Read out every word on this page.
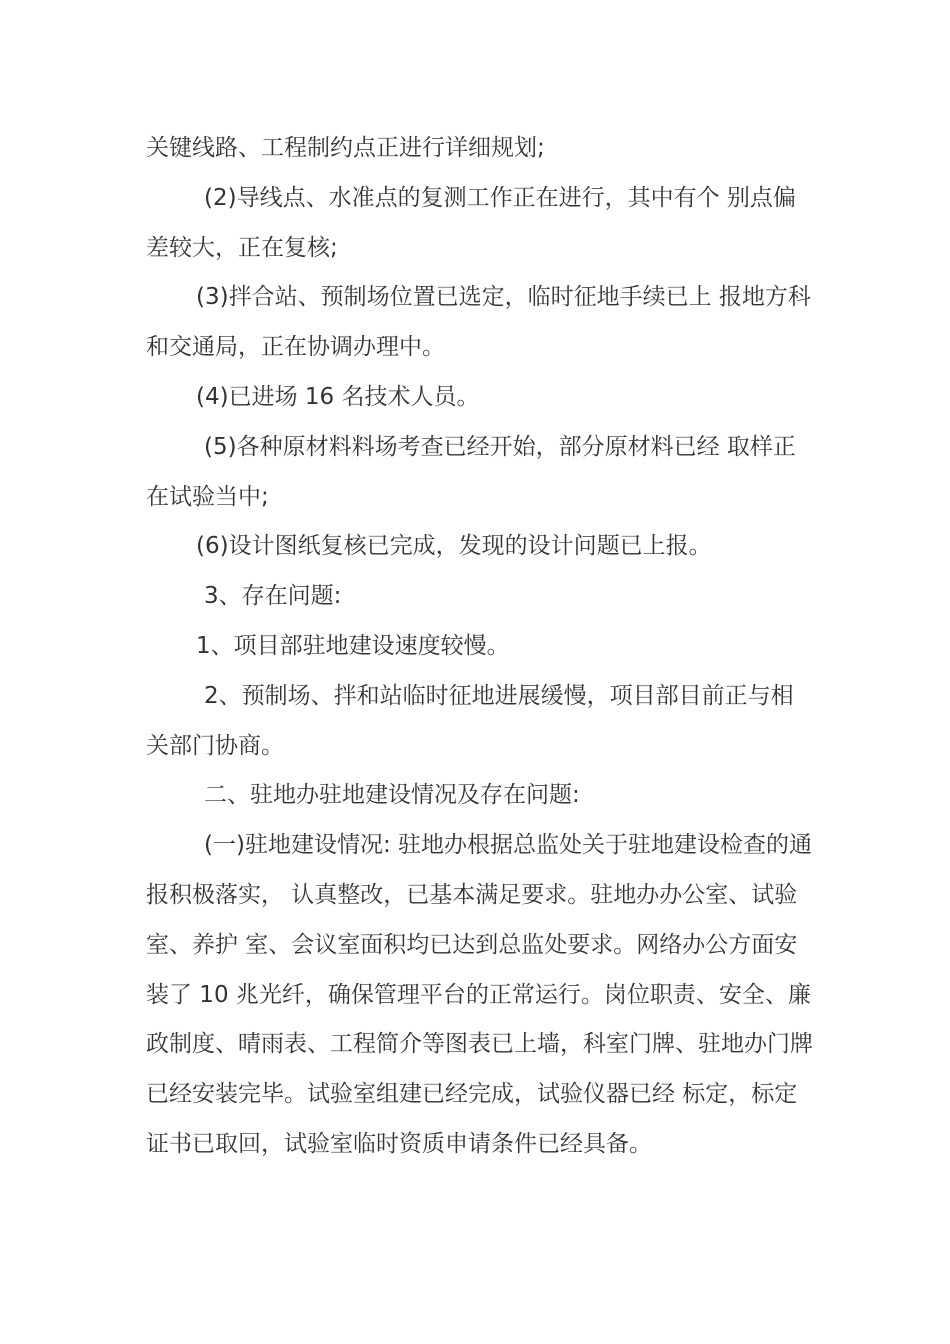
关键线路、工程制约点正进行详细规划;

(2)导线点、水准点的复测工作正在进行，其中有个 别点偏差较大，正在复核;

(3)拌合站、预制场位置已选定，临时征地手续已上 报地方科和交通局，正在协调办理中。

(4)已进场 16 名技术人员。

(5)各种原材料料场考查已经开始，部分原材料已经 取样正在试验当中;

(6)设计图纸复核已完成，发现的设计问题已上报。

3、存在问题:

1、项目部驻地建设速度较慢。

2、预制场、拌和站临时征地进展缓慢，项目部目前正与相关部门协商。

二、驻地办驻地建设情况及存在问题:

(一)驻地建设情况: 驻地办根据总监处关于驻地建设检查的通报积极落实， 认真整改，已基本满足要求。驻地办办公室、试验室、养护 室、会议室面积均已达到总监处要求。网络办公方面安装了 10 兆光纤，确保管理平台的正常运行。岗位职责、安全、廉 政制度、晴雨表、工程简介等图表已上墙，科室门牌、驻地办门牌已经安装完毕。试验室组建已经完成，试验仪器已经 标定，标定证书已取回，试验室临时资质申请条件已经具备。
